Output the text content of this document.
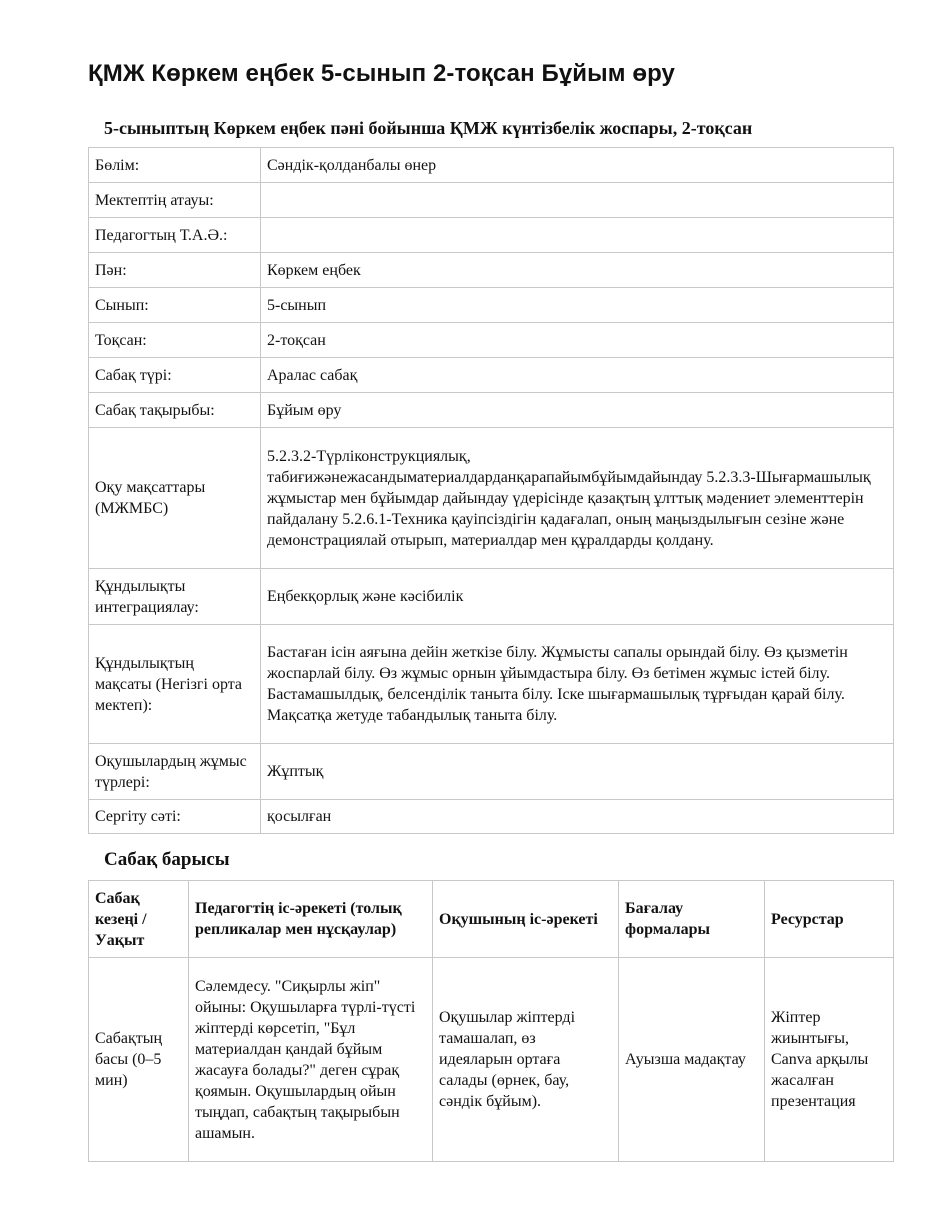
ҚМЖ Көркем еңбек 5-сынып 2-тоқсан Бұйым өру
5-сыныптың Көркем еңбек пәні бойынша ҚМЖ күнтізбелік жоспары, 2-тоқсан
Бөлім:	Сәндік-қолданбалы өнер
Мектептің атауы:	
Педагогтың Т.А.Ә.:	
Пән:	Көркем еңбек
Сынып:	5-сынып
Тоқсан:	2-тоқсан
Сабақ түрі:	Аралас сабақ
Сабақ тақырыбы:	Бұйым өру
Оқу мақсаттары (МЖМБС)	5.2.3.2-Түрліконструкциялық, табиғижәнежасандыматериалдарданқарапайымбұйымдайындау 5.2.3.3-Шығармашылық жұмыстар мен бұйымдар дайындау үдерісінде қазақтың ұлттық мәдениет элементтерін пайдалану 5.2.6.1-Техника қауіпсіздігін қадағалап, оның маңыздылығын сезіне және демонстрациялай отырып, материалдар мен құралдарды қолдану.
Құндылықты интеграциялау:	Еңбекқорлық және кәсібилік
Құндылықтың мақсаты (Негізгі орта мектеп):	Бастаған ісін аяғына дейін жеткізе білу. Жұмысты сапалы орындай білу. Өз қызметін жоспарлай білу. Өз жұмыс орнын ұйымдастыра білу. Өз бетімен жұмыс істей білу. Бастамашылдық, белсенділік таныта білу. Іске шығармашылық тұрғыдан қарай білу. Мақсатқа жетуде табандылық таныта білу.
Оқушылардың жұмыс түрлері:	Жұптық
Сергіту сәті:	қосылған
Сабақ барысы
Сабақ кезеңі / Уақыт	Педагогтің іс-әрекеті (толық репликалар мен нұсқаулар)	Оқушының іс-әрекеті	Бағалау формалары	Ресурстар
Сабақтың басы (0–5 мин)	Сәлемдесу. "Сиқырлы жіп" ойыны: Оқушыларға түрлі-түсті жіптерді көрсетіп, "Бұл материалдан қандай бұйым жасауға болады?" деген сұрақ қоямын. Оқушылардың ойын тыңдап, сабақтың тақырыбын ашамын.	Оқушылар жіптерді тамашалап, өз идеяларын ортаға салады (өрнек, бау, сәндік бұйым).	Ауызша мадақтау	Жіптер жиынтығы, Canva арқылы жасалған презентация
